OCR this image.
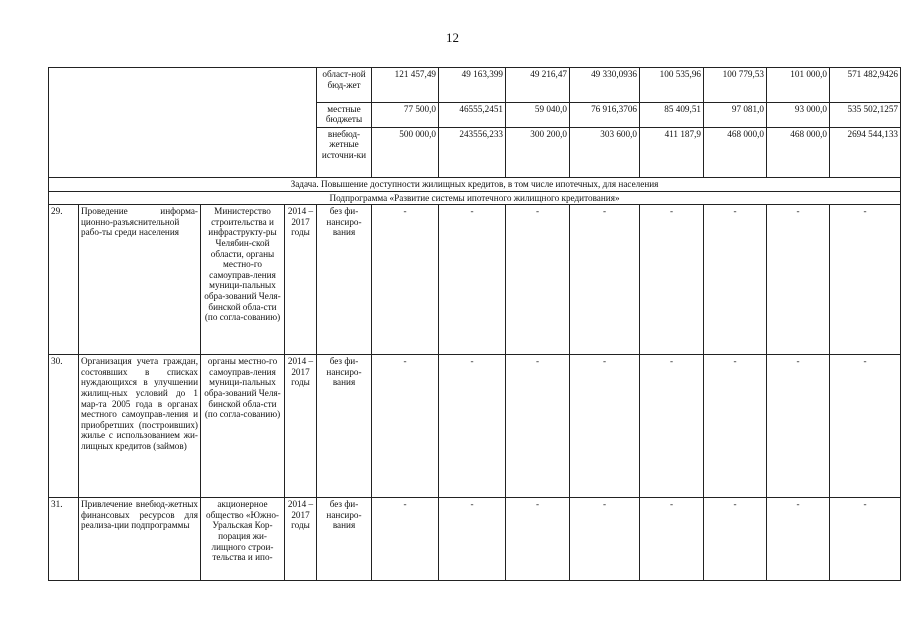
12
				област-ной бюд-жет	121 457,49	49 163,399	49 216,47	49 330,0936	100 535,96	100 779,53	101 000,0	571 482,9426
				местные бюджеты	77 500,0	46555,2451	59 040,0	76 916,3706	85 409,51	97 081,0	93 000,0	535 502,1257
				внебюд-жетные источни-ки	500 000,0	243556,233	300 200,0	303 600,0	411 187,9	468 000,0	468 000,0	2694 544,133
Задача. Повышение доступности жилищных кредитов, в том числе ипотечных, для населения												
Подпрограмма «Развитие системы ипотечного жилищного кредитования»												
29.	Проведение информа-ционно-разъяснительной рабо-ты среди населения	Министерство строительства и инфраструкту-ры Челябин-ской области, органы местно-го самоуправ-ления муници-пальных обра-зований Челя-бинской обла-сти (по согла-сованию)	2014 – 2017 годы	без фи-нансиро-вания	-	-	-	-	-	-	-	-
30.	Организация учета граждан, состоявших в списках нуждающихся в улучшении жилищ-ных условий до 1 мар-та 2005 года в органах местного самоуправ-ления и приобретших (построивших) жилье с использованием жи-лищных кредитов (займов)	органы местно-го самоуправ-ления муници-пальных обра-зований Челя-бинской обла-сти (по согла-сованию)	2014 – 2017 годы	без фи-нансиро-вания	-	-	-	-	-	-	-	-
31.	Привлечение внебюд-жетных финансовых ресурсов для реализа-ции подпрограммы	акционерное общество «Южно-Уральская Кор-порация жи-лищного строи-тельства и ипо-	2014 – 2017 годы	без фи-нансиро-вания	-	-	-	-	-	-	-	-
